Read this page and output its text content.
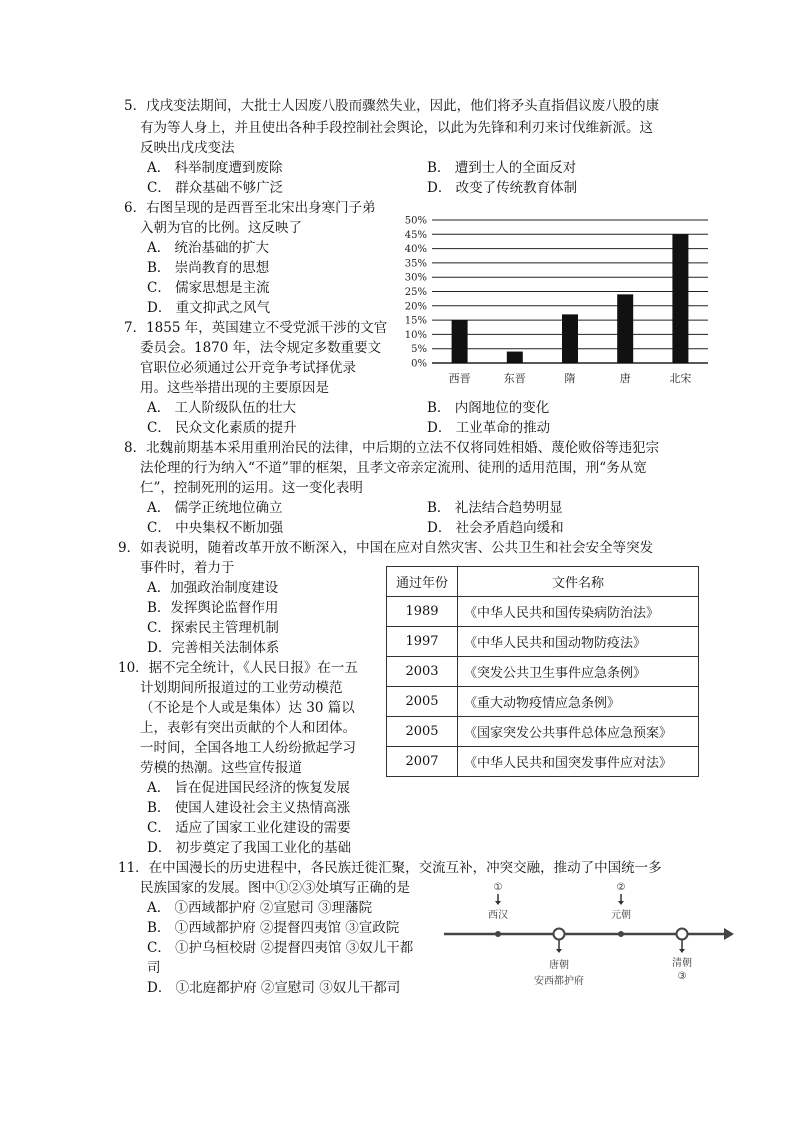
5．戊戌变法期间，大批士人因废八股而骤然失业，因此，他们将矛头直指倡议废八股的康
有为等人身上，并且使出各种手段控制社会舆论，以此为先锋和利刃来讨伐维新派。这
反映出戊戌变法
A． 科举制度遭到废除	B． 遭到士人的全面反对
C． 群众基础不够广泛	D． 改变了传统教育体制
6．右图呈现的是西晋至北宋出身寒门子弟
入朝为官的比例。这反映了
A． 统治基础的扩大
B． 崇尚教育的思想
C． 儒家思想是主流
D． 重文抑武之风气
0%
5%
10%
15%
20%
25%
30%
35%
40%
45%
50%
西晋	东晋	隋	唐	北宋
7．1855 年，英国建立不受党派干涉的文官
委员会。1870 年，法令规定多数重要文
官职位必须通过公开竞争考试择优录
用。这些举措出现的主要原因是
A． 工人阶级队伍的壮大	B． 内阁地位的变化
C． 民众文化素质的提升	D． 工业革命的推动
8．北魏前期基本采用重刑治民的法律，中后期的立法不仅将同姓相婚、蔑伦败俗等违犯宗
法伦理的行为纳入“不道”罪的框架，且孝文帝亲定流刑、徒刑的适用范围，刑“务从宽
仁”，控制死刑的运用。这一变化表明
A． 儒学正统地位确立	B． 礼法结合趋势明显
C． 中央集权不断加强	D． 社会矛盾趋向缓和
9．如表说明，随着改革开放不断深入，中国在应对自然灾害、公共卫生和社会安全等突发
事件时，着力于
A．加强政治制度建设
B．发挥舆论监督作用
C．探索民主管理机制
D．完善相关法制体系
通过年份	文件名称
1989	《中华人民共和国传染病防治法》
1997	《中华人民共和国动物防疫法》
2003	《突发公共卫生事件应急条例》
2005	《重大动物疫情应急条例》
2005	《国家突发公共事件总体应急预案》
2007	《中华人民共和国突发事件应对法》
10．据不完全统计，《人民日报》在一五
计划期间所报道过的工业劳动模范
（不论是个人或是集体）达 30 篇以
上，表彰有突出贡献的个人和团体。
一时间，全国各地工人纷纷掀起学习
劳模的热潮。这些宣传报道
A． 旨在促进国民经济的恢复发展
B． 使国人建设社会主义热情高涨
C． 适应了国家工业化建设的需要
D． 初步奠定了我国工业化的基础
11．在中国漫长的历史进程中，各民族迁徙汇聚，交流互补，冲突交融，推动了中国统一多
民族国家的发展。图中①②③处填写正确的是
A． ①西域都护府 ②宣慰司 ③理藩院
B． ①西域都护府 ②提督四夷馆 ③宣政院
C． ①护乌桓校尉 ②提督四夷馆 ③奴儿干都
司
D． ①北庭都护府 ②宣慰司 ③奴儿干都司
①
西汉
②
元朝
唐朝
安西都护府
清朝
③
